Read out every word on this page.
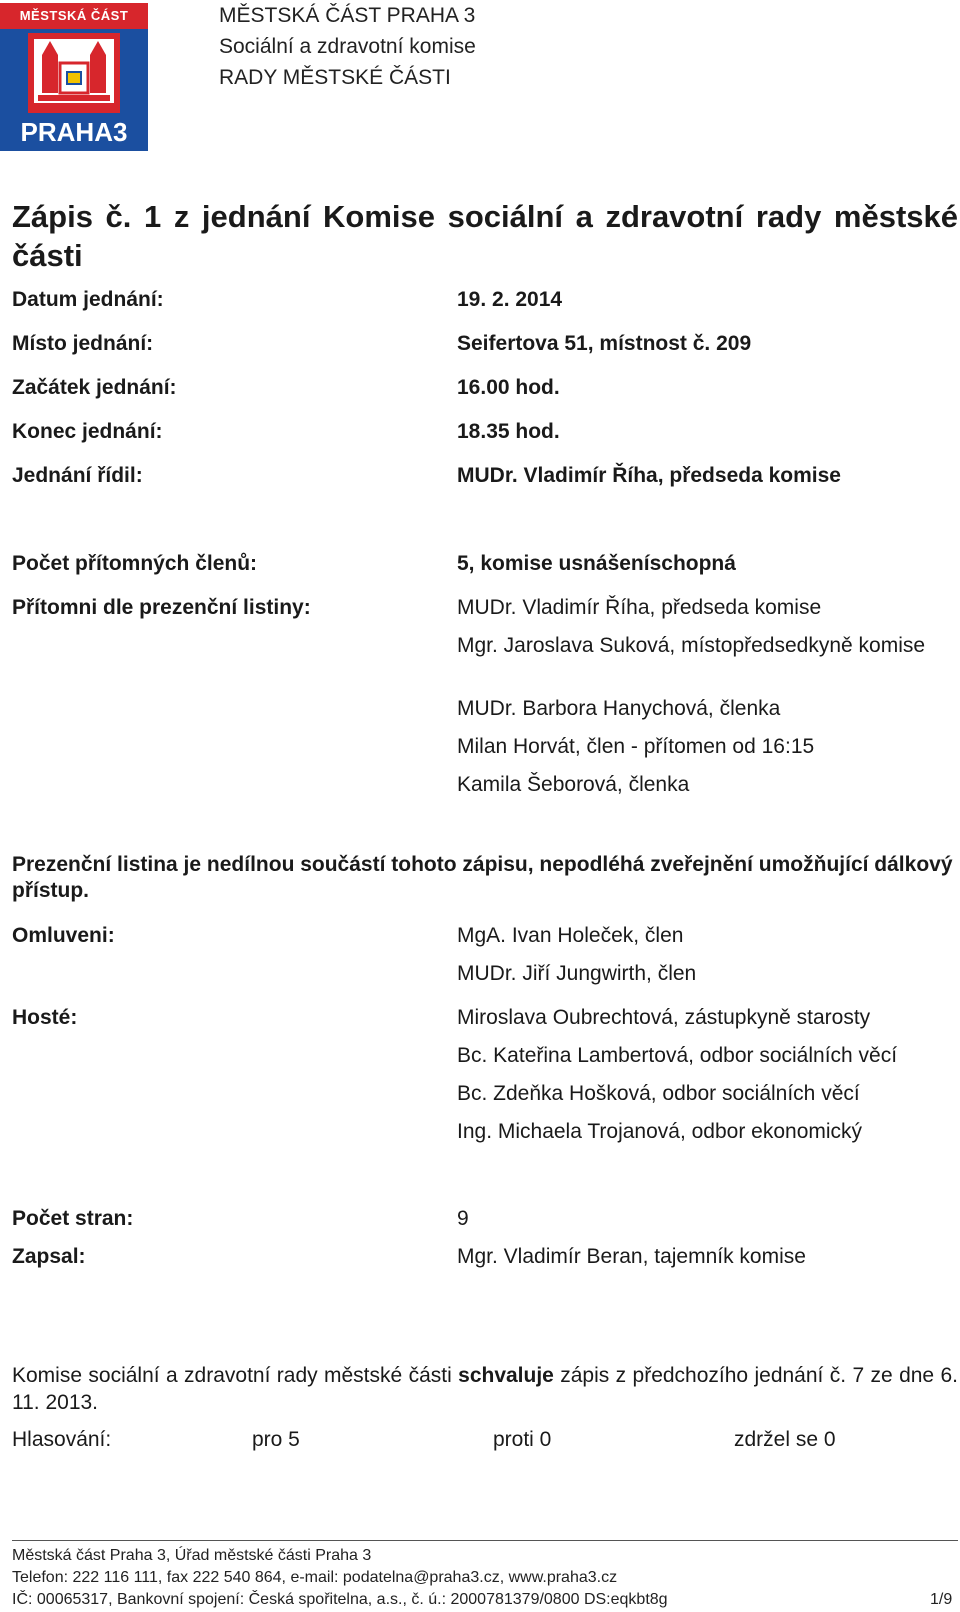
MĚSTSKÁ ČÁST
PRAHA3
MĚSTSKÁ ČÁST PRAHA 3
Sociální a zdravotní komise
RADY MĚSTSKÉ ČÁSTI
Zápis č. 1 z jednání Komise sociální a zdravotní rady městské části
Datum jednání:	19. 2. 2014
Místo jednání:	Seifertova 51, místnost č. 209
Začátek jednání:	16.00 hod.
Konec jednání:	18.35 hod.
Jednání řídil:	MUDr. Vladimír Říha, předseda komise
Počet přítomných členů:	5, komise usnášeníschopná
Přítomni dle prezenční listiny:	MUDr. Vladimír Říha, předseda komise
Mgr. Jaroslava Suková, místopředsedkyně komise
MUDr. Barbora Hanychová, členka
Milan Horvát, člen - přítomen od 16:15
Kamila Šeborová, členka
Prezenční listina je nedílnou součástí tohoto zápisu, nepodléhá zveřejnění umožňující dálkový přístup.
Omluveni:	MgA. Ivan Holeček, člen
MUDr. Jiří Jungwirth, člen
Hosté:	Miroslava Oubrechtová, zástupkyně starosty
Bc. Kateřina Lambertová, odbor sociálních věcí
Bc. Zdeňka Hošková, odbor sociálních věcí
Ing. Michaela Trojanová, odbor ekonomický
Počet stran:	9
Zapsal:	Mgr. Vladimír Beran, tajemník komise
Komise sociální a zdravotní rady městské části schvaluje zápis z předchozího jednání č. 7 ze dne 6. 11. 2013.
Hlasování:	pro 5	proti 0	zdržel se 0
Městská část Praha 3, Úřad městské části Praha 3
Telefon: 222 116 111, fax 222 540 864, e-mail: podatelna@praha3.cz, www.praha3.cz
IČ: 00065317, Bankovní spojení: Česká spořitelna, a.s., č. ú.: 2000781379/0800 DS:eqkbt8g	1/9
